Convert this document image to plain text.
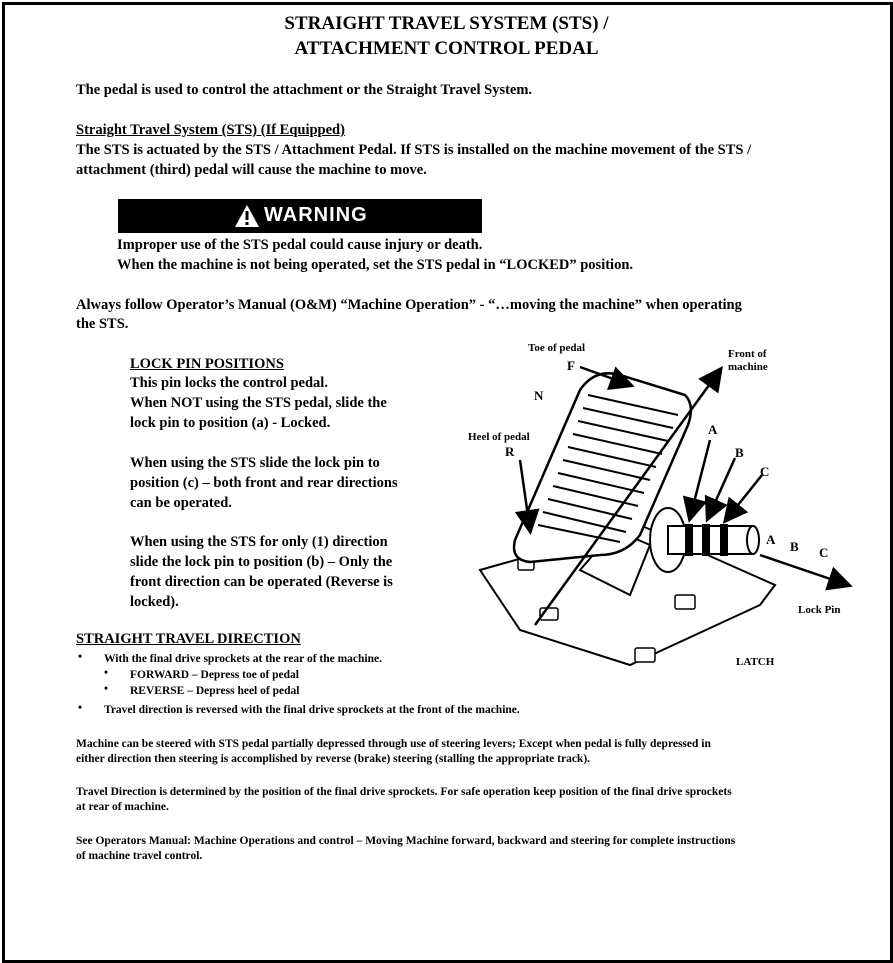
STRAIGHT TRAVEL SYSTEM (STS) /
ATTACHMENT CONTROL PEDAL
The pedal is used to control the attachment or the Straight Travel System.
Straight Travel System (STS) (If Equipped)
The STS is actuated by the STS / Attachment Pedal. If STS is installed on the machine movement of the STS /
attachment (third) pedal will cause the machine to move.
WARNING
Improper use of the STS pedal could cause injury or death.
When the machine is not being operated, set the STS pedal in “LOCKED” position.
Always follow Operator’s Manual (O&M) “Machine Operation” - “…moving the machine” when operating
the STS.
LOCK PIN POSITIONS
This pin locks the control pedal.
When NOT using the STS pedal, slide the
lock pin to position (a) - Locked.
When using the STS slide the lock pin to
position (c) – both front and rear directions
can be operated.
When using the STS for only (1) direction
slide the lock pin to position (b) – Only the
front direction can be operated (Reverse is
locked).
STRAIGHT TRAVEL DIRECTION
• With the final drive sprockets at the rear of the machine.
• FORWARD – Depress toe of pedal
• REVERSE – Depress heel of pedal
• Travel direction is reversed with the final drive sprockets at the front of the machine.
Machine can be steered with STS pedal partially depressed through use of steering levers; Except when pedal is fully depressed in
either direction then steering is accomplished by reverse (brake) steering (stalling the appropriate track).
Travel Direction is determined by the position of the final drive sprockets. For safe operation keep position of the final drive sprockets
at rear of machine.
See Operators Manual: Machine Operations and control – Moving Machine forward, backward and steering for complete instructions
of machine travel control.
Toe of pedal
F
Front of
machine
N
Heel of pedal
R
A
B
C
A B C
Lock Pin
LATCH
